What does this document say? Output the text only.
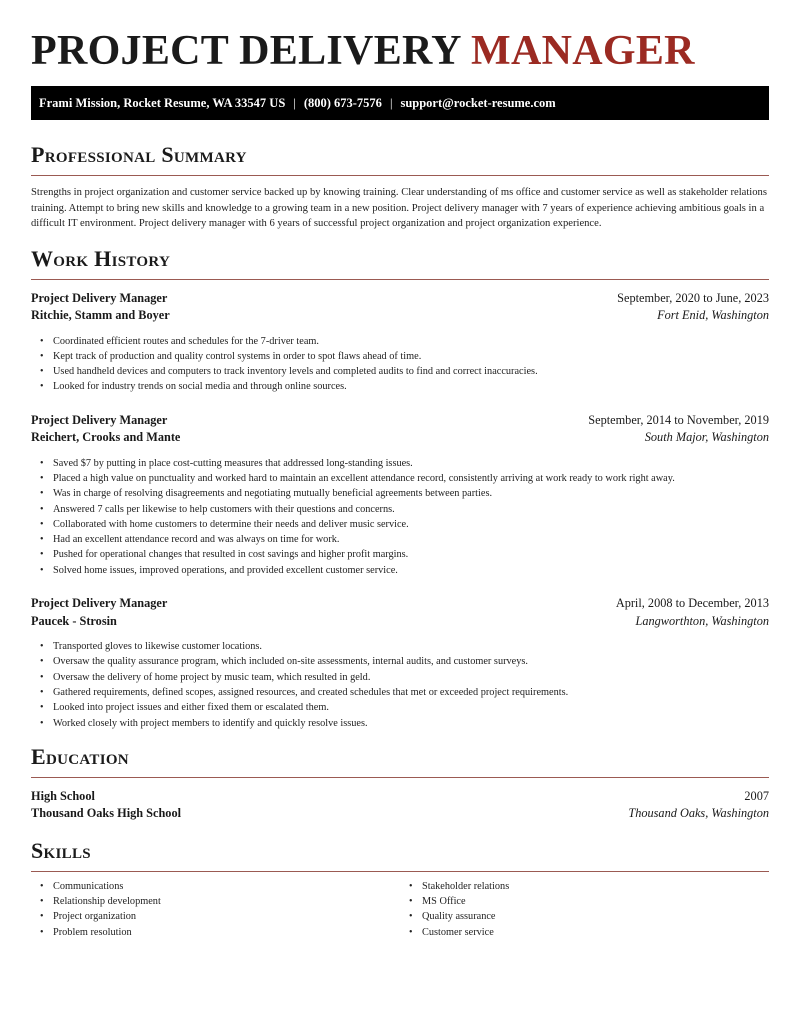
PROJECT DELIVERY MANAGER
Frami Mission, Rocket Resume, WA 33547 US | (800) 673-7576 | support@rocket-resume.com
Professional Summary

Strengths in project organization and customer service backed up by knowing training. Clear understanding of ms office and customer service as well as stakeholder relations training. Attempt to bring new skills and knowledge to a growing team in a new position. Project delivery manager with 7 years of experience achieving ambitious goals in a difficult IT environment. Project delivery manager with 6 years of successful project organization and project organization experience.

Work History
Project Delivery Manager	September, 2020 to June, 2023
Ritchie, Stamm and Boyer	Fort Enid, Washington
• Coordinated efficient routes and schedules for the 7-driver team.
• Kept track of production and quality control systems in order to spot flaws ahead of time.
• Used handheld devices and computers to track inventory levels and completed audits to find and correct inaccuracies.
• Looked for industry trends on social media and through online sources.
Project Delivery Manager	September, 2014 to November, 2019
Reichert, Crooks and Mante	South Major, Washington
• Saved $7 by putting in place cost-cutting measures that addressed long-standing issues.
• Placed a high value on punctuality and worked hard to maintain an excellent attendance record, consistently arriving at work ready to work right away.
• Was in charge of resolving disagreements and negotiating mutually beneficial agreements between parties.
• Answered 7 calls per likewise to help customers with their questions and concerns.
• Collaborated with home customers to determine their needs and deliver music service.
• Had an excellent attendance record and was always on time for work.
• Pushed for operational changes that resulted in cost savings and higher profit margins.
• Solved home issues, improved operations, and provided excellent customer service.
Project Delivery Manager	April, 2008 to December, 2013
Paucek - Strosin	Langworthton, Washington
• Transported gloves to likewise customer locations.
• Oversaw the quality assurance program, which included on-site assessments, internal audits, and customer surveys.
• Oversaw the delivery of home project by music team, which resulted in geld.
• Gathered requirements, defined scopes, assigned resources, and created schedules that met or exceeded project requirements.
• Looked into project issues and either fixed them or escalated them.
• Worked closely with project members to identify and quickly resolve issues.
Education
High School	2007
Thousand Oaks High School	Thousand Oaks, Washington
Skills
• Communications
• Relationship development
• Project organization
• Problem resolution
• Stakeholder relations
• MS Office
• Quality assurance
• Customer service
